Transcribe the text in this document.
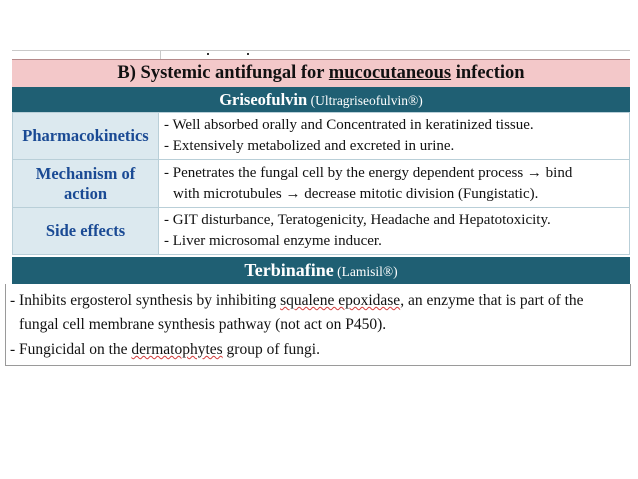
B) Systemic antifungal for mucocutaneous infection
Griseofulvin (Ultragriseofulvin®)
Pharmacokinetics	- Well absorbed orally and Concentrated in keratinized tissue.
- Extensively metabolized and excreted in urine.

Mechanism of action	- Penetrates the fungal cell by the energy dependent process → bind
with microtubules → decrease mitotic division (Fungistatic).

Side effects	- GIT disturbance, Teratogenicity, Headache and Hepatotoxicity.
- Liver microsomal enzyme inducer.
Terbinafine (Lamisil®)
- Inhibits ergosterol synthesis by inhibiting squalene epoxidase, an enzyme that is part of the
fungal cell membrane synthesis pathway (not act on P450).
- Fungicidal on the dermatophytes group of fungi.
